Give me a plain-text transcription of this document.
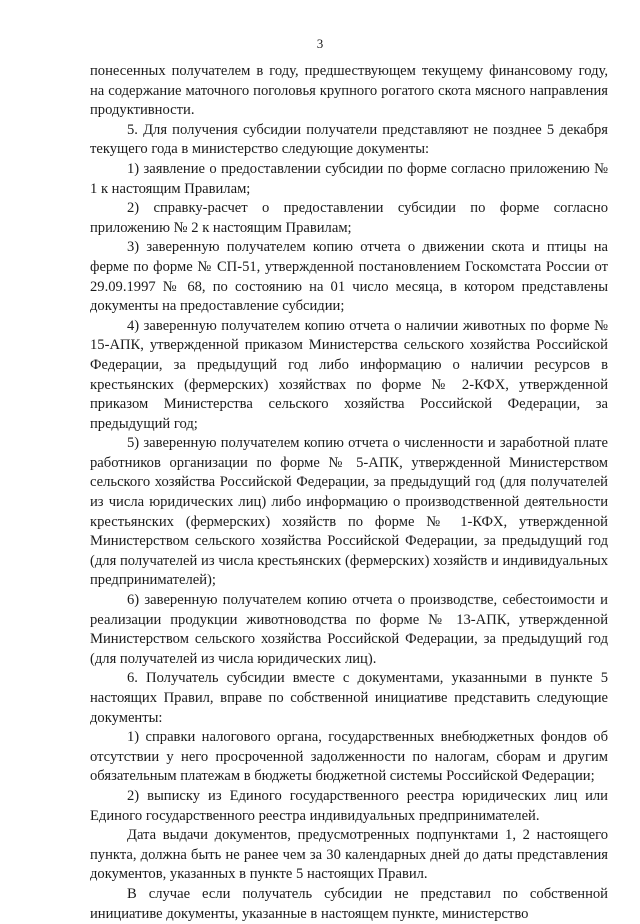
3

понесенных получателем в году, предшествующем текущему финансовому году, на содержание маточного поголовья крупного рогатого скота мясного направления продуктивности.

5. Для получения субсидии получатели представляют не позднее 5 декабря текущего года в министерство следующие документы:

1) заявление о предоставлении субсидии по форме согласно приложению № 1 к настоящим Правилам;

2) справку-расчет о предоставлении субсидии по форме согласно приложению № 2 к настоящим Правилам;

3) заверенную получателем копию отчета о движении скота и птицы на ферме по форме № СП-51, утвержденной постановлением Госкомстата России от 29.09.1997 № 68, по состоянию на 01 число месяца, в котором представлены документы на предоставление субсидии;

4) заверенную получателем копию отчета о наличии животных по форме № 15-АПК, утвержденной приказом Министерства сельского хозяйства Российской Федерации, за предыдущий год либо информацию о наличии ресурсов в крестьянских (фермерских) хозяйствах по форме № 2-КФХ, утвержденной приказом Министерства сельского хозяйства Российской Федерации, за предыдущий год;

5) заверенную получателем копию отчета о численности и заработной плате работников организации по форме № 5-АПК, утвержденной Министерством сельского хозяйства Российской Федерации, за предыдущий год (для получателей из числа юридических лиц) либо информацию о производственной деятельности крестьянских (фермерских) хозяйств по форме № 1-КФХ, утвержденной Министерством сельского хозяйства Российской Федерации, за предыдущий год (для получателей из числа крестьянских (фермерских) хозяйств и индивидуальных предпринимателей);

6) заверенную получателем копию отчета о производстве, себестоимости и реализации продукции животноводства по форме № 13-АПК, утвержденной Министерством сельского хозяйства Российской Федерации, за предыдущий год (для получателей из числа юридических лиц).

6. Получатель субсидии вместе с документами, указанными в пункте 5 настоящих Правил, вправе по собственной инициативе представить следующие документы:

1) справки налогового органа, государственных внебюджетных фондов об отсутствии у него просроченной задолженности по налогам, сборам и другим обязательным платежам в бюджеты бюджетной системы Российской Федерации;

2) выписку из Единого государственного реестра юридических лиц или Единого государственного реестра индивидуальных предпринимателей.

Дата выдачи документов, предусмотренных подпунктами 1, 2 настоящего пункта, должна быть не ранее чем за 30 календарных дней до даты представления документов, указанных в пункте 5 настоящих Правил.

В случае если получатель субсидии не представил по собственной инициативе документы, указанные в настоящем пункте, министерство
